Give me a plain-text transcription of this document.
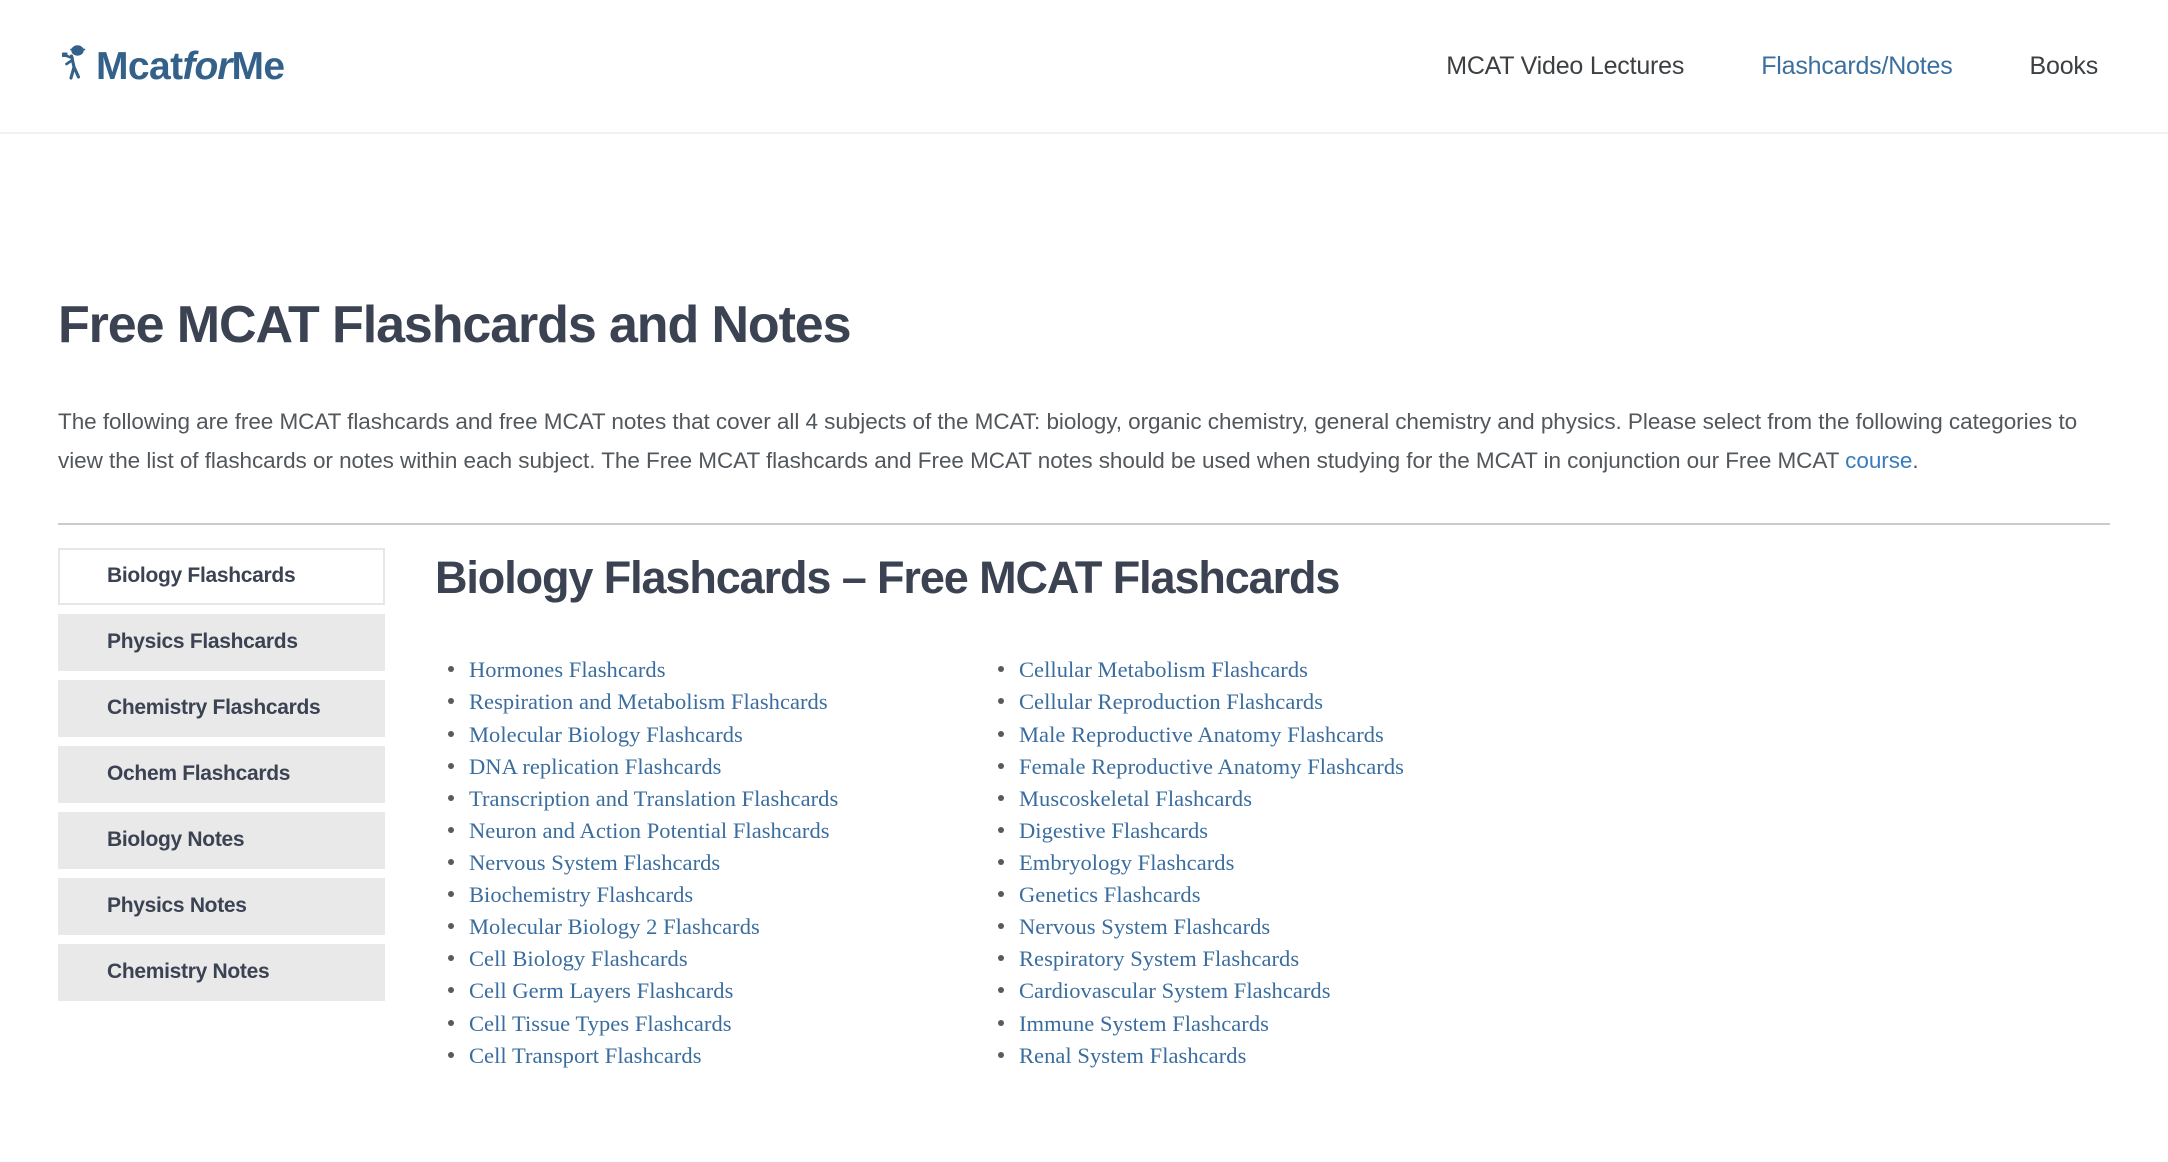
McatforMe	MCAT Video Lectures	Flashcards/Notes	Books
Free MCAT Flashcards and Notes

The following are free MCAT flashcards and free MCAT notes that cover all 4 subjects of the MCAT: biology, organic chemistry, general chemistry and physics. Please select from the following categories to view the list of flashcards or notes within each subject. The Free MCAT flashcards and Free MCAT notes should be used when studying for the MCAT in conjunction our Free MCAT course.

Biology Flashcards
Physics Flashcards
Chemistry Flashcards
Ochem Flashcards
Biology Notes
Physics Notes
Chemistry Notes
Biology Flashcards – Free MCAT Flashcards
Hormones Flashcards
Respiration and Metabolism Flashcards
Molecular Biology Flashcards
DNA replication Flashcards
Transcription and Translation Flashcards
Neuron and Action Potential Flashcards
Nervous System Flashcards
Biochemistry Flashcards
Molecular Biology 2 Flashcards
Cell Biology Flashcards
Cell Germ Layers Flashcards
Cell Tissue Types Flashcards
Cell Transport Flashcards
Cellular Metabolism Flashcards
Cellular Reproduction Flashcards
Male Reproductive Anatomy Flashcards
Female Reproductive Anatomy Flashcards
Muscoskeletal Flashcards
Digestive Flashcards
Embryology Flashcards
Genetics Flashcards
Nervous System Flashcards
Respiratory System Flashcards
Cardiovascular System Flashcards
Immune System Flashcards
Renal System Flashcards
